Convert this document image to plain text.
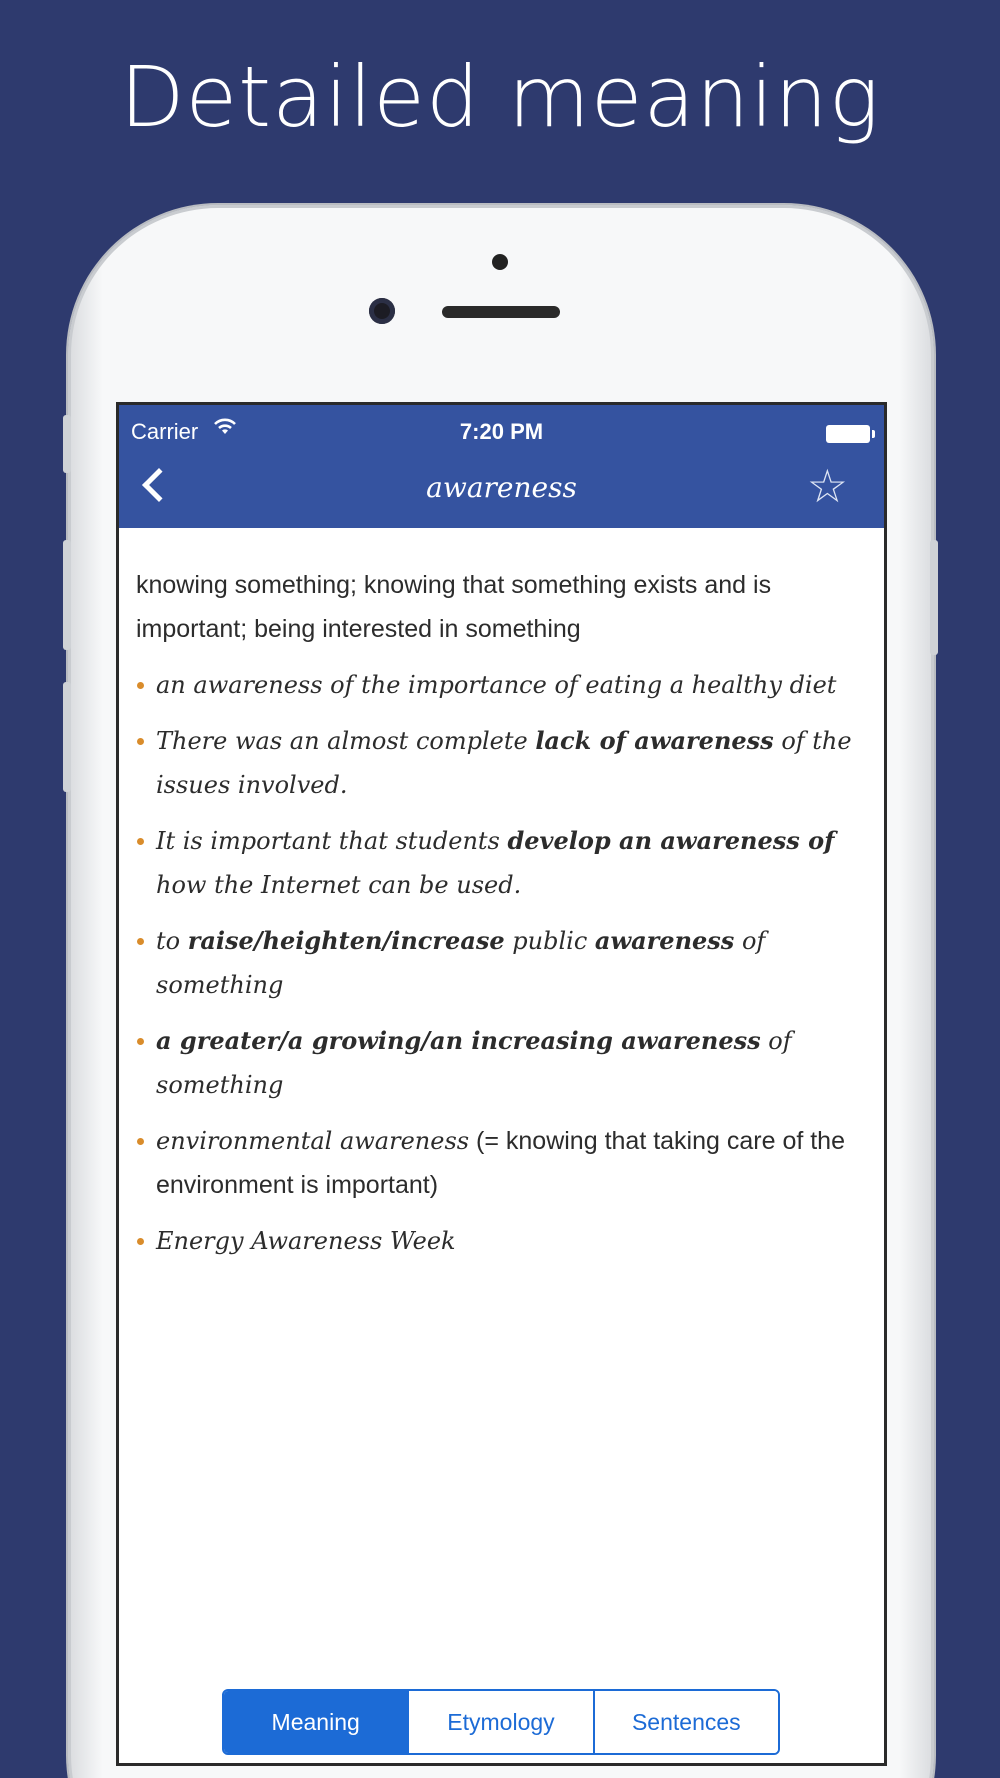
Detailed meaning
Carrier	7:20 PM
awareness	☆

knowing something; knowing that something exists and is important; being interested in something

an awareness of the importance of eating a healthy diet
There was an almost complete lack of awareness of the issues involved.
It is important that students develop an awareness of how the Internet can be used.
to raise/heighten/increase public awareness of something
a greater/a growing/an increasing awareness of something
environmental awareness (= knowing that taking care of the environment is important)
Energy Awareness Week
Meaning	Etymology	Sentences
